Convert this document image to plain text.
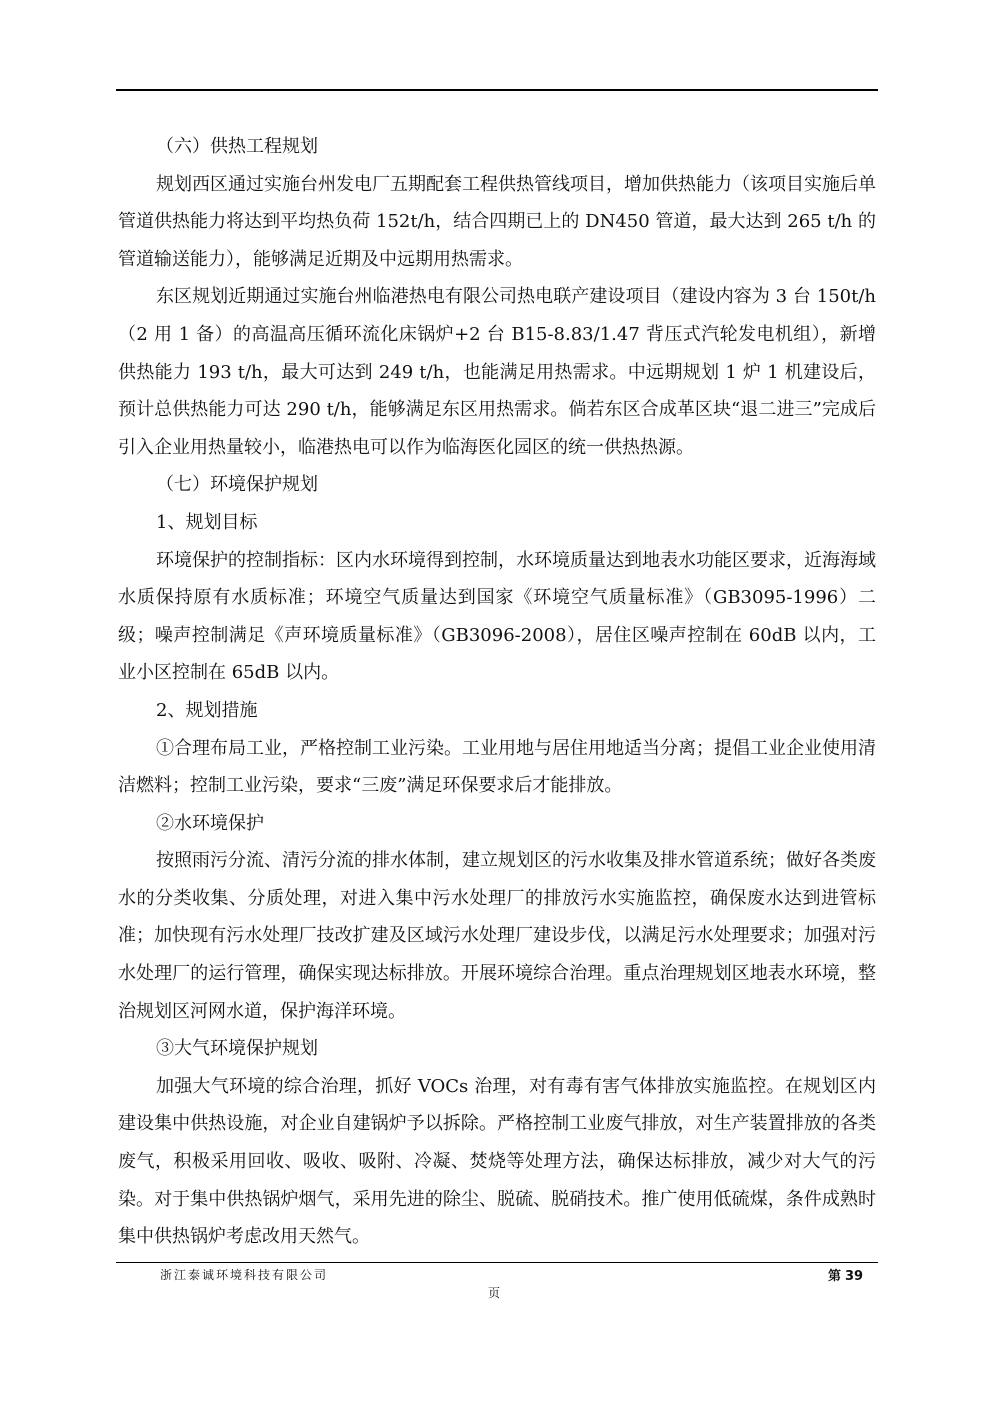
（六）供热工程规划

规划西区通过实施台州发电厂五期配套工程供热管线项目，增加供热能力（该项目实施后单管道供热能力将达到平均热负荷 152t/h，结合四期已上的 DN450 管道，最大达到 265 t/h 的管道输送能力），能够满足近期及中远期用热需求。

东区规划近期通过实施台州临港热电有限公司热电联产建设项目（建设内容为 3 台 150t/h（2 用 1 备）的高温高压循环流化床锅炉+2 台 B15-8.83/1.47 背压式汽轮发电机组），新增供热能力 193 t/h，最大可达到 249 t/h，也能满足用热需求。中远期规划 1 炉 1 机建设后，预计总供热能力可达 290 t/h，能够满足东区用热需求。倘若东区合成革区块“退二进三”完成后引入企业用热量较小，临港热电可以作为临海医化园区的统一供热热源。

（七）环境保护规划

1、规划目标

环境保护的控制指标：区内水环境得到控制，水环境质量达到地表水功能区要求，近海海域水质保持原有水质标准；环境空气质量达到国家《环境空气质量标准》（GB3095-1996）二级；噪声控制满足《声环境质量标准》（GB3096-2008），居住区噪声控制在 60dB 以内，工业小区控制在 65dB 以内。

2、规划措施

①合理布局工业，严格控制工业污染。工业用地与居住用地适当分离；提倡工业企业使用清洁燃料；控制工业污染，要求“三废”满足环保要求后才能排放。

②水环境保护

按照雨污分流、清污分流的排水体制，建立规划区的污水收集及排水管道系统；做好各类废水的分类收集、分质处理，对进入集中污水处理厂的排放污水实施监控，确保废水达到进管标准；加快现有污水处理厂技改扩建及区域污水处理厂建设步伐，以满足污水处理要求；加强对污水处理厂的运行管理，确保实现达标排放。开展环境综合治理。重点治理规划区地表水环境，整治规划区河网水道，保护海洋环境。

③大气环境保护规划

加强大气环境的综合治理，抓好 VOCs 治理，对有毒有害气体排放实施监控。在规划区内建设集中供热设施，对企业自建锅炉予以拆除。严格控制工业废气排放，对生产装置排放的各类废气，积极采用回收、吸收、吸附、冷凝、焚烧等处理方法，确保达标排放，减少对大气的污染。对于集中供热锅炉烟气，采用先进的除尘、脱硫、脱硝技术。推广使用低硫煤，条件成熟时集中供热锅炉考虑改用天然气。

浙江泰诚环境科技有限公司	第 39
页
